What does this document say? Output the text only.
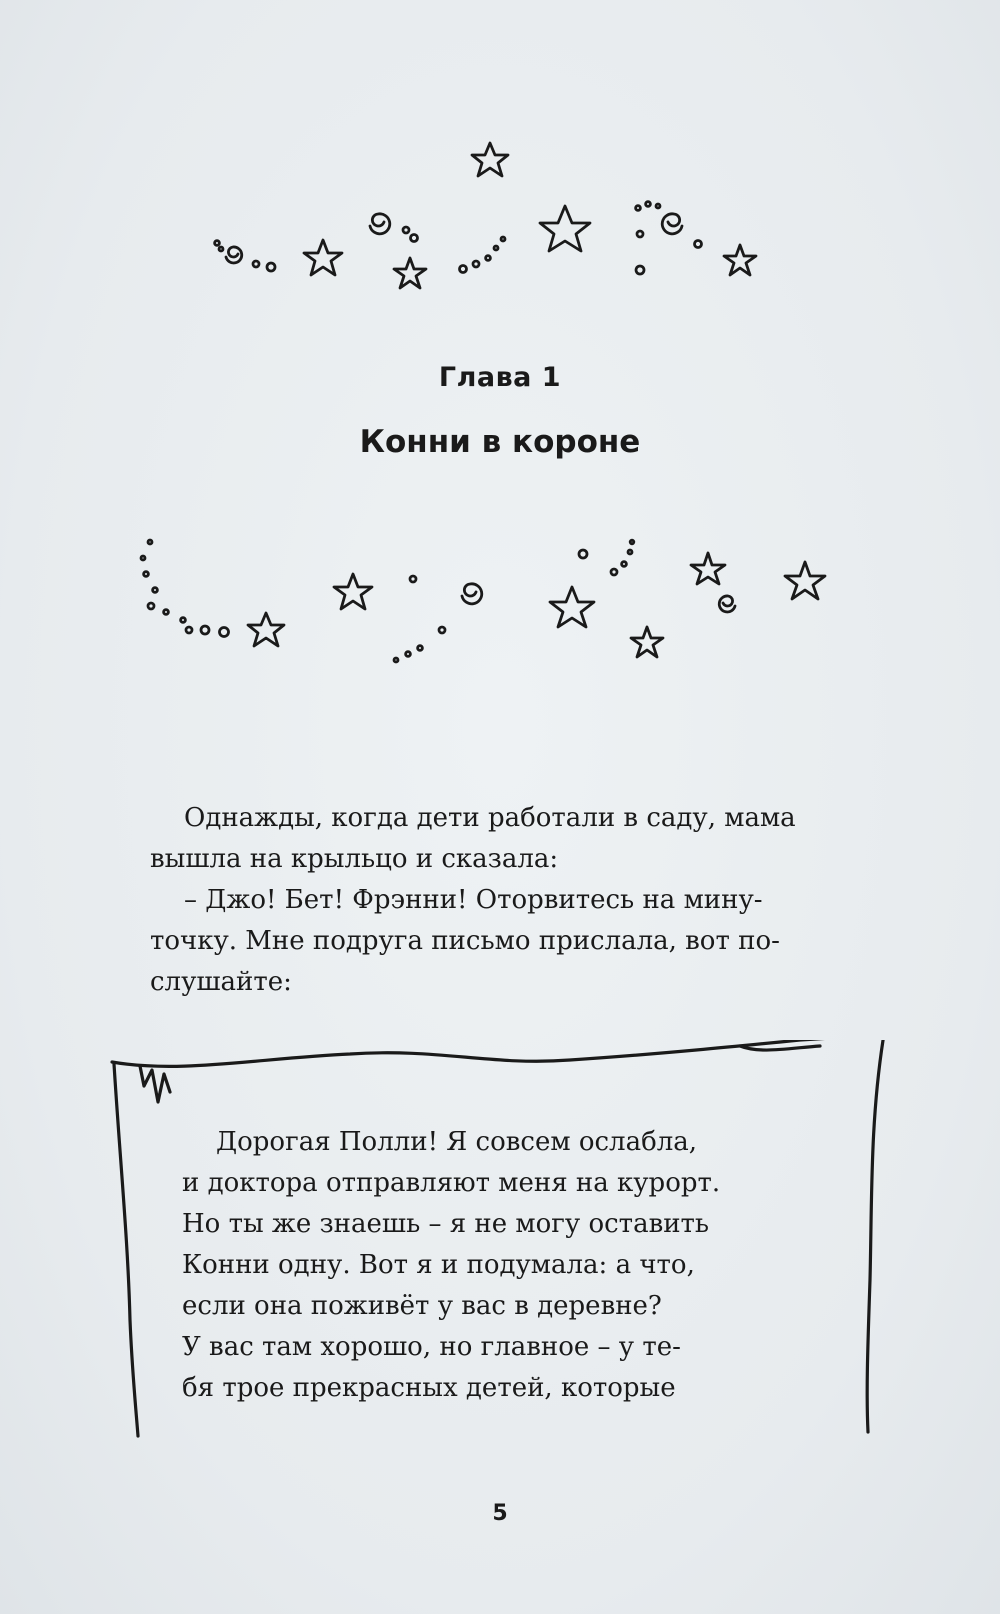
Глава 1
Конни в короне

Однажды, когда дети работали в саду, мама

вышла на крыльцо и сказала:

– Джо! Бет! Фрэнни! Оторвитесь на мину-

точку. Мне подруга письмо прислала, вот по-

слушайте:

Дорогая Полли! Я совсем ослабла,

и доктора отправляют меня на курорт.

Но ты же знаешь – я не могу оставить

Конни одну. Вот я и подумала: а что,

если она поживёт у вас в деревне?

У вас там хорошо, но главное – у те-

бя трое прекрасных детей, которые

5
